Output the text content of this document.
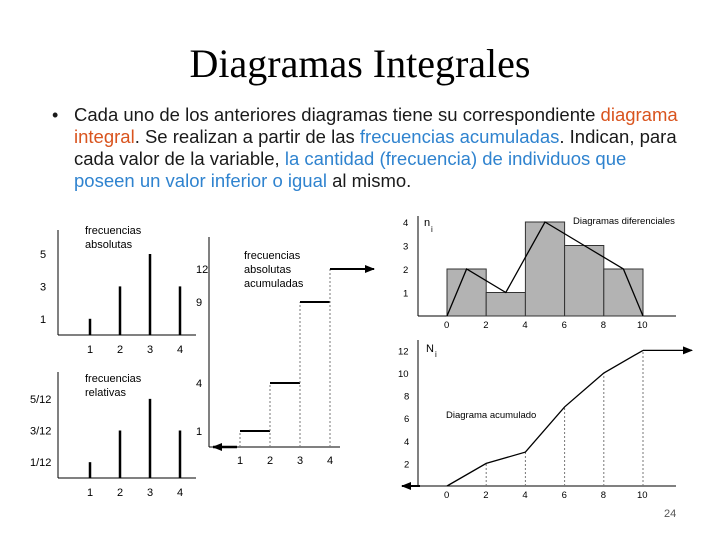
Diagramas Integrales
• Cada uno de los anteriores diagramas tiene su correspondiente diagrama integral. Se realizan a partir de las frecuencias acumuladas. Indican, para cada valor de la variable, la cantidad (frecuencia) de individuos que poseen un valor inferior o igual al mismo.
frecuencias
absolutas
5
3
1
1 2 3 4
frecuencias
absolutas
acumuladas
12
9
4
1
1 2 3 4
frecuencias
relativas
5/12
3/12
1/12
1 2 3 4
Diagramas diferenciales
n
i
4
3
2
1
0	2	4	6	8	10
Diagrama acumulado
N i
12
10
8
6
4
2
0	2	4	6	8	10
24
